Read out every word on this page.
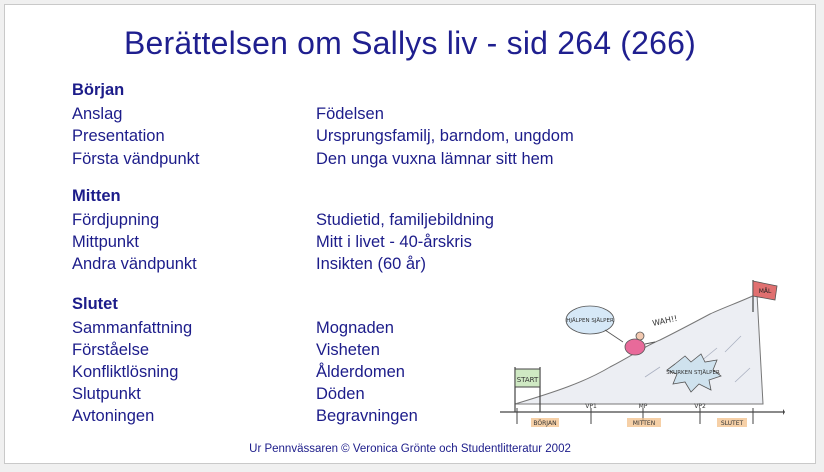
Berättelsen om Sallys liv - sid 264 (266)
Början
Anslag	Födelsen
Presentation	Ursprungsfamilj, barndom, ungdom
Första vändpunkt	Den unga vuxna lämnar sitt hem
Mitten
Fördjupning	Studietid, familjebildning
Mittpunkt	Mitt i livet - 40-årskris
Andra vändpunkt	Insikten (60 år)
Slutet
Sammanfattning	Mognaden
Förståelse	Visheten
Konfliktlösning	Ålderdomen
Slutpunkt	Döden
Avtoningen	Begravningen
START
MÅL
HJÄLPEN SJÄLPER	WAH!!
SKURKEN STJÄLPER
VP1	MP	VP2
BÖRJAN	MITTEN	SLUTET
Ur Pennvässaren © Veronica Grönte och Studentlitteratur 2002
